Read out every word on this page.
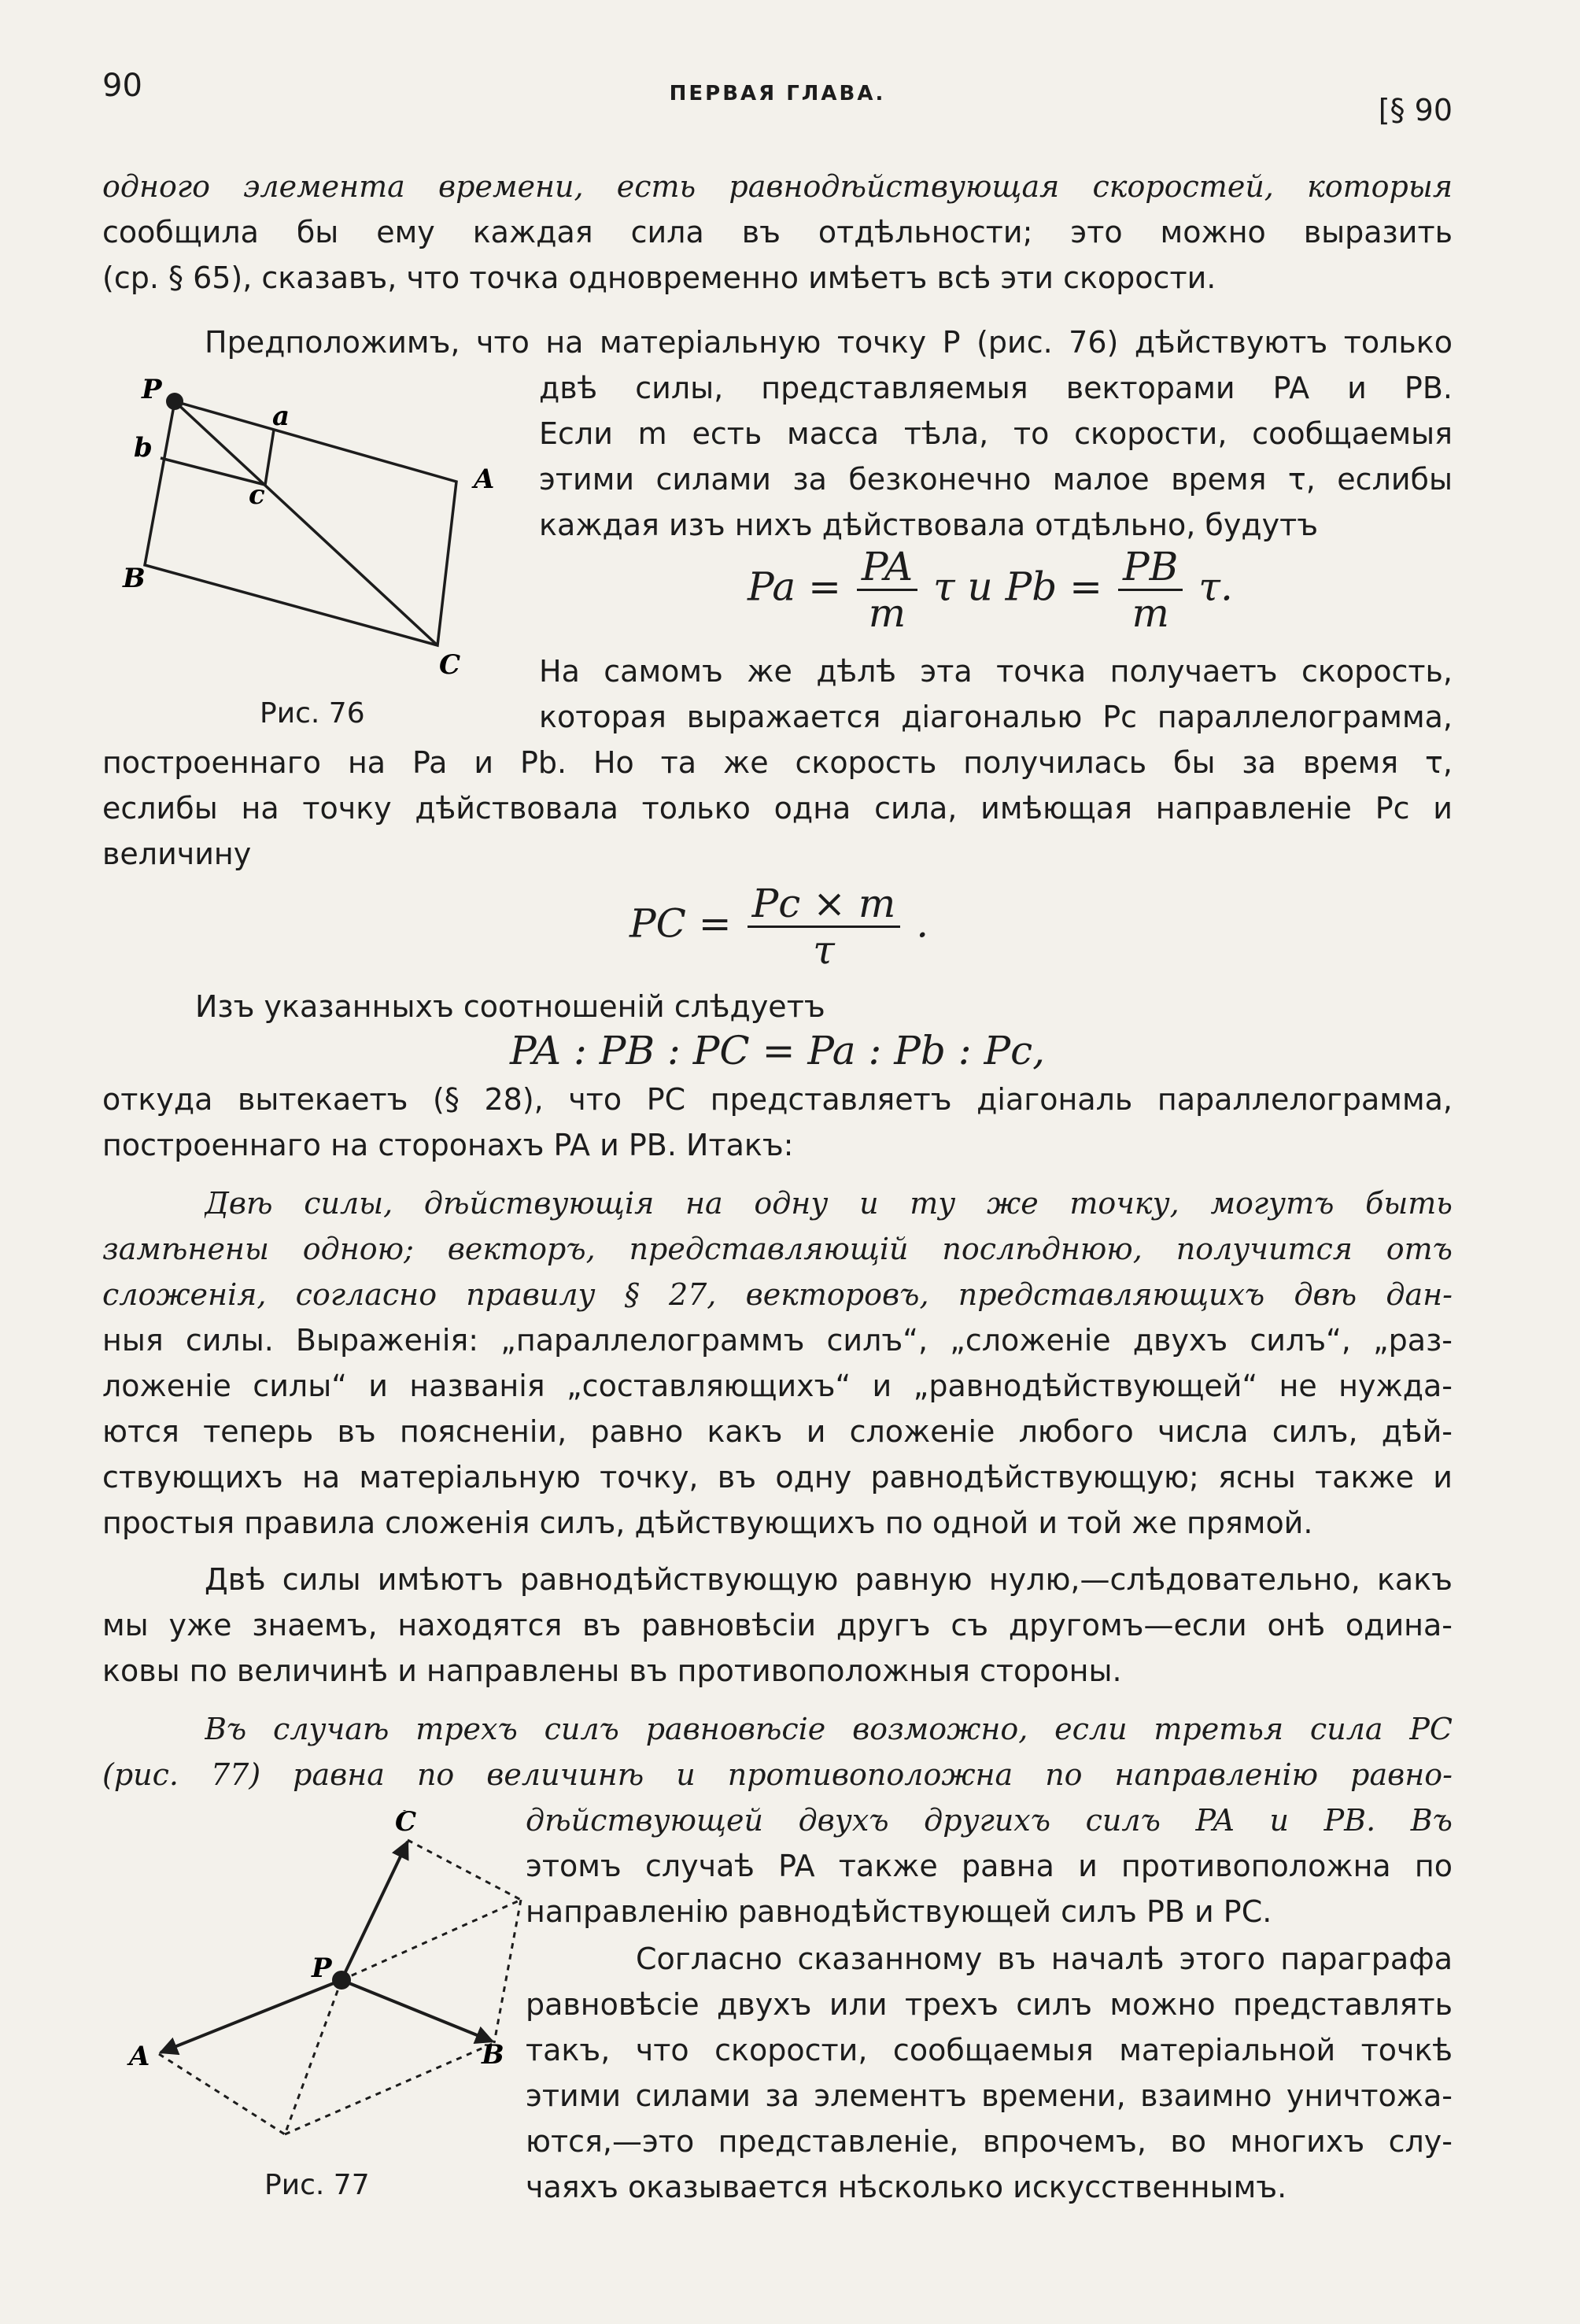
90	ПЕРВАЯ ГЛАВА.	[§ 90
одного элемента времени, есть равнодѣйствующая скоростей, которыя
сообщила бы ему каждая сила въ отдѣльности; это можно выразить
(ср. § 65), сказавъ, что точка одновременно имѣетъ всѣ эти скорости.
Предположимъ, что на матеріальную точку P (рис. 76) дѣйствуютъ только
двѣ силы, представляемыя векторами PA и PB.
Если m есть масса тѣла, то скорости, сообщаемыя
этими силами за безконечно малое время τ, еслибы
каждая изъ нихъ дѣйствовала отдѣльно, будутъ
$Pa = \frac{PA}{m}$ τ и $Pb = \frac{PB}{m} \tau$.
На самомъ же дѣлѣ эта точка получаетъ скорость,
которая выражается діагональю Pc параллелограмма,
Рис. 76
построеннаго на Pa и Pb. Но та же скорость получилась бы за время τ,
еслибы на точку дѣйствовала только одна сила, имѣющая направленіе Pc и
величину
PC = $\frac{Pc \times m}{\tau}$ .
Изъ указанныхъ соотношеній слѣдуетъ
PA : PB : PC = Pa : Pb : Pc,
откуда вытекаетъ (§ 28), что PC представляетъ діагональ параллелограмма,
построеннаго на сторонахъ PA и PB. Итакъ:
Двѣ силы, дѣйствующія на одну и ту же точку, могутъ быть
замѣнены одною; векторъ, представляющій послѣднюю, получится отъ
сложенія, согласно правилу § 27, векторовъ, представляющихъ двѣ дан-
ныя силы. Выраженія: „параллелограммъ силъ“, „сложеніе двухъ силъ“, „раз-
ложеніе силы“ и названія „составляющихъ“ и „равнодѣйствующей“ не нужда-
ются теперь въ поясненіи, равно какъ и сложеніе любого числа силъ, дѣй-
ствующихъ на матеріальную точку, въ одну равнодѣйствующую; ясны также и
простыя правила сложенія силъ, дѣйствующихъ по одной и той же прямой.
Двѣ силы имѣютъ равнодѣйствующую равную нулю,—слѣдовательно, какъ
мы уже знаемъ, находятся въ равновѣсіи другъ съ другомъ—если онѣ одина-
ковы по величинѣ и направлены въ противоположныя стороны.
Въ случаѣ трехъ силъ равновѣсіе возможно, если третья сила PC
(рис. 77) равна по величинѣ и противоположна по направленію равно-
дѣйствующей двухъ другихъ силъ PA и PB. Въ
этомъ случаѣ PA также равна и противоположна по
направленію равнодѣйствующей силъ PB и PC.
Согласно сказанному въ началѣ этого параграфа
равновѣсіе двухъ или трехъ силъ можно представлять
такъ, что скорости, сообщаемыя матеріальной точкѣ
этими силами за элементъ времени, взаимно уничтожа-
ются,—это представленіе, впрочемъ, во многихъ слу-
чаяхъ оказывается нѣсколько искусственнымъ.
Рис. 77
P
a
b
c	A
B
C
C
P
A	B
